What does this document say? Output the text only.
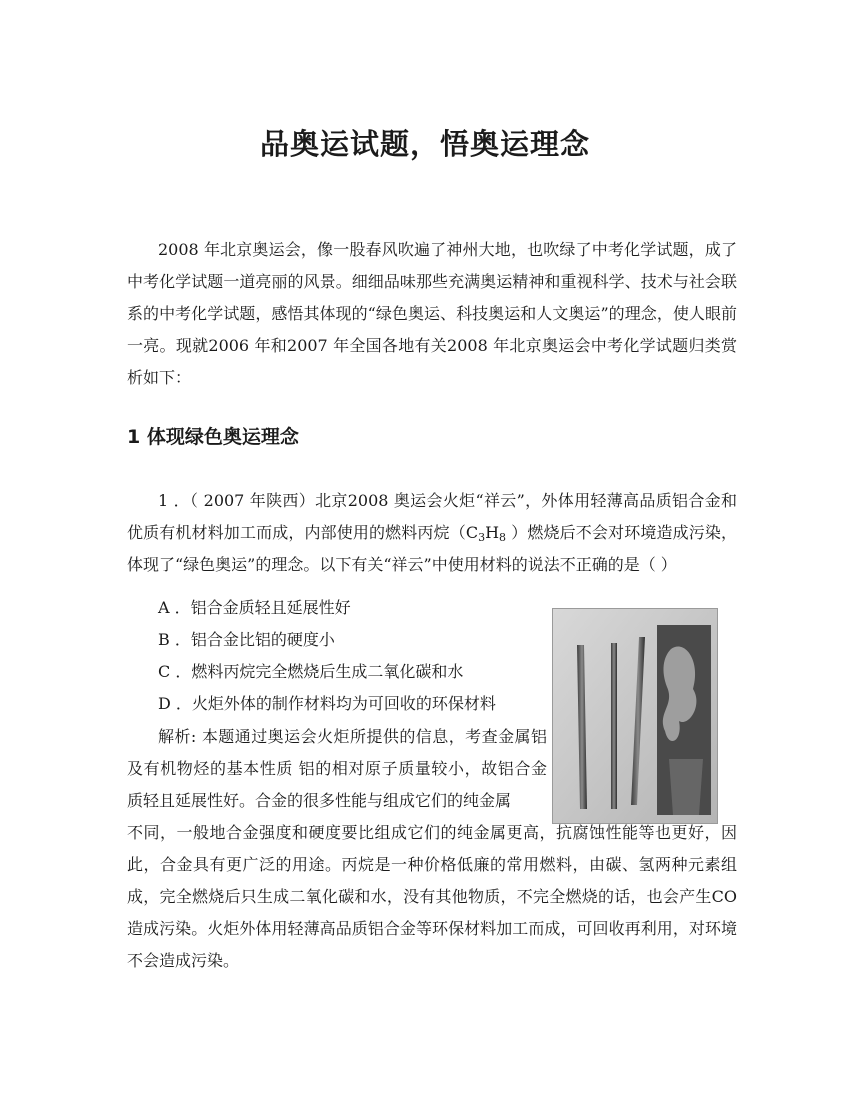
品奥运试题，悟奥运理念

2008 年北京奥运会，像一股春风吹遍了神州大地，也吹绿了中考化学试题，成了中考化学试题一道亮丽的风景。细细品味那些充满奥运精神和重视科学、技术与社会联系的中考化学试题，感悟其体现的“绿色奥运、科技奥运和人文奥运”的理念，使人眼前一亮。现就2006 年和2007 年全国各地有关2008 年北京奥运会中考化学试题归类赏析如下：

1 体现绿色奥运理念

1 ．（ 2007 年陕西）北京2008 奥运会火炬“祥云”，外体用轻薄高品质铝合金和优质有机材料加工而成，内部使用的燃料丙烷（$C_3H_8$ ）燃烧后不会对环境造成污染，体现了“绿色奥运”的理念。以下有关“祥云”中使用材料的说法不正确的是（ ）

A ．铝合金质轻且延展性好
B ．铝合金比铝的硬度小
C ．燃料丙烷完全燃烧后生成二氧化碳和水
D ．火炬外体的制作材料均为可回收的环保材料

解析: 本题通过奥运会火炬所提供的信息，考查金属铝及有机物烃的基本性质 铝的相对原子质量较小，故铝合金质轻且延展性好。合金的很多性能与组成它们的纯金属

不同，一般地合金强度和硬度要比组成它们的纯金属更高，抗腐蚀性能等也更好，因此，合金具有更广泛的用途。丙烷是一种价格低廉的常用燃料，由碳、氢两种元素组成，完全燃烧后只生成二氧化碳和水，没有其他物质，不完全燃烧的话，也会产生CO 造成污染。火炬外体用轻薄高品质铝合金等环保材料加工而成，可回收再利用，对环境不会造成污染。
